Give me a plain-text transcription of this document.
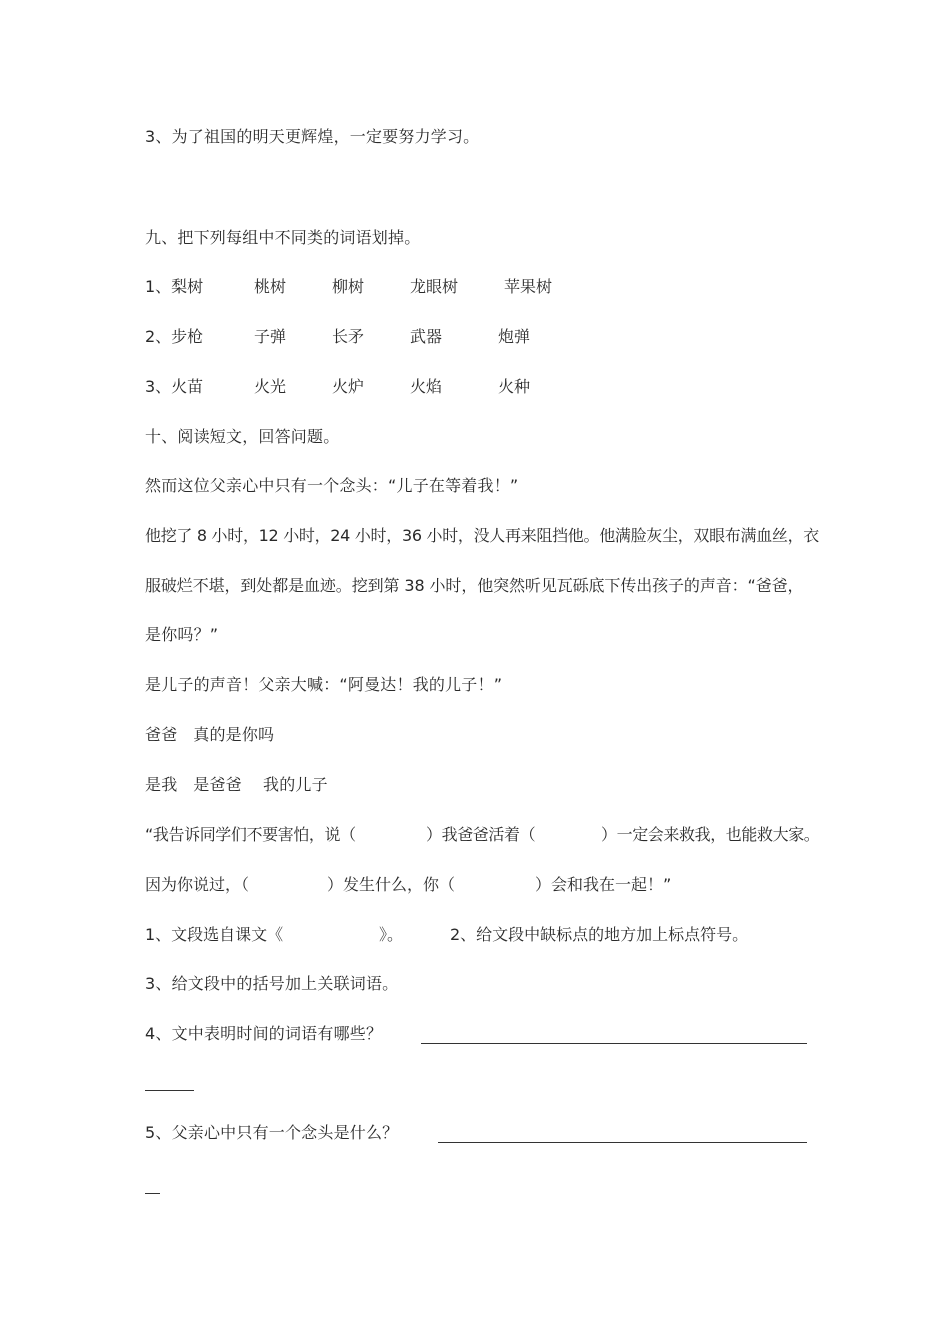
3、为了祖国的明天更辉煌，一定要努力学习。
九、把下列每组中不同类的词语划掉。
1、梨树	桃树	柳树	龙眼树	苹果树
2、步枪	子弹	长矛	武器	炮弹
3、火苗	火光	火炉	火焰	火种
十、阅读短文，回答问题。
然而这位父亲心中只有一个念头：“儿子在等着我！”
他挖了 8 小时，12 小时，24 小时，36 小时，没人再来阻挡他。他满脸灰尘，双眼布满血丝，衣
服破烂不堪，到处都是血迹。挖到第 38 小时，他突然听见瓦砾底下传出孩子的声音：“爸爸，
是你吗？”
是儿子的声音！父亲大喊：“阿曼达！我的儿子！”
爸爸   真的是你吗
是我   是爸爸    我的儿子
“我告诉同学们不要害怕，说（	）我爸爸活着（	）一定会来救我，也能救大家。
因为你说过，（	）发生什么，你（	）会和我在一起！”
1、文段选自课文《	》。	2、给文段中缺标点的地方加上标点符号。
3、给文段中的括号加上关联词语。
4、文中表明时间的词语有哪些？
5、父亲心中只有一个念头是什么？
